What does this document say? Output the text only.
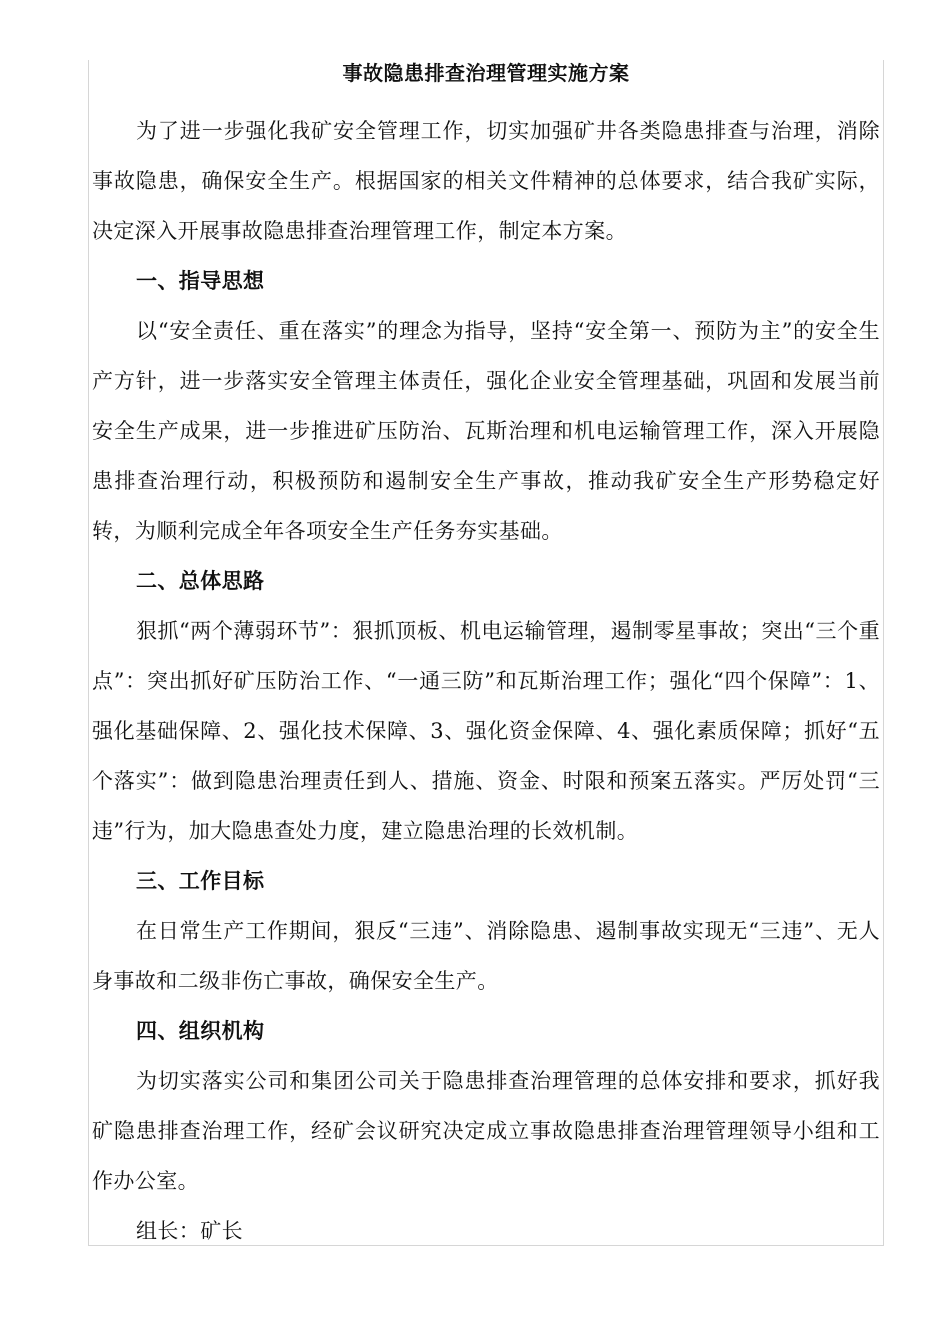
事故隐患排查治理管理实施方案

为了进一步强化我矿安全管理工作，切实加强矿井各类隐患排查与治理，消除事故隐患，确保安全生产。根据国家的相关文件精神的总体要求，结合我矿实际，决定深入开展事故隐患排查治理管理工作，制定本方案。

一、指导思想

以“安全责任、重在落实”的理念为指导，坚持“安全第一、预防为主”的安全生产方针，进一步落实安全管理主体责任，强化企业安全管理基础，巩固和发展当前安全生产成果，进一步推进矿压防治、瓦斯治理和机电运输管理工作，深入开展隐患排查治理行动，积极预防和遏制安全生产事故，推动我矿安全生产形势稳定好转，为顺利完成全年各项安全生产任务夯实基础。

二、总体思路

狠抓“两个薄弱环节”：狠抓顶板、机电运输管理，遏制零星事故；突出“三个重点”：突出抓好矿压防治工作、“一通三防”和瓦斯治理工作；强化“四个保障”：1、强化基础保障、2、强化技术保障、3、强化资金保障、4、强化素质保障；抓好“五个落实”：做到隐患治理责任到人、措施、资金、时限和预案五落实。严厉处罚“三违”行为，加大隐患查处力度，建立隐患治理的长效机制。

三、工作目标

在日常生产工作期间，狠反“三违”、消除隐患、遏制事故实现无“三违”、无人身事故和二级非伤亡事故，确保安全生产。

四、组织机构

为切实落实公司和集团公司关于隐患排查治理管理的总体安排和要求，抓好我矿隐患排查治理工作，经矿会议研究决定成立事故隐患排查治理管理领导小组和工作办公室。

组长：矿长
